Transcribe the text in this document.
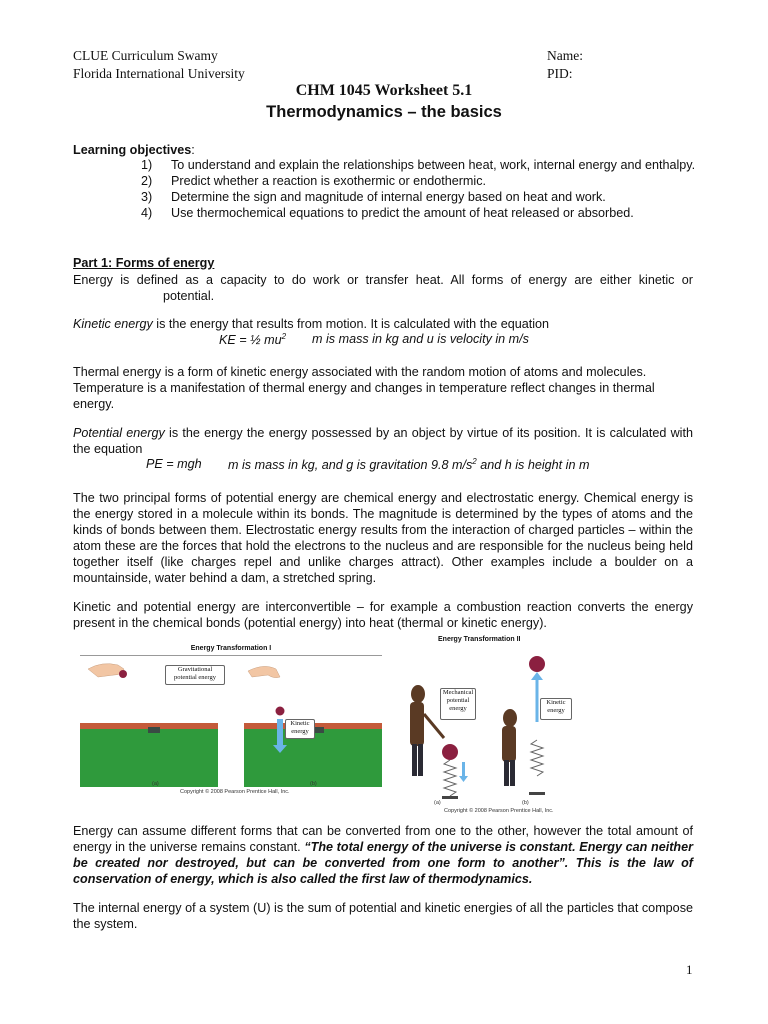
CLUE Curriculum Swamy
Florida International University
Name:
PID:
CHM 1045 Worksheet 5.1
Thermodynamics – the basics
Learning objectives:
1) To understand and explain the relationships between heat, work, internal energy and enthalpy.
2) Predict whether a reaction is exothermic or endothermic.
3) Determine the sign and magnitude of internal energy based on heat and work.
4) Use thermochemical equations to predict the amount of heat released or absorbed.
Part 1: Forms of energy
Energy is defined as a capacity to do work or transfer heat. All forms of energy are either kinetic or
potential.
Kinetic energy is the energy that results from motion. It is calculated with the equation
KE = ½ $mu^2$ m is mass in kg and u is velocity in m/s
Thermal energy is a form of kinetic energy associated with the random motion of atoms and molecules. Temperature is a manifestation of thermal energy and changes in temperature reflect changes in thermal energy.
Potential energy is the energy the energy possessed by an object by virtue of its position. It is calculated with the equation
PE = mgh m is mass in kg, and g is gravitation 9.8 $m/s^2$ and h is height in m
The two principal forms of potential energy are chemical energy and electrostatic energy. Chemical energy is the energy stored in a molecule within its bonds. The magnitude is determined by the types of atoms and the kinds of bonds between them. Electrostatic energy results from the interaction of charged particles – within the atom these are the forces that hold the electrons to the nucleus and are responsible for the nucleus being held together itself (like charges repel and unlike charges attract). Other examples include a boulder on a mountainside, water behind a dam, a stretched spring.
Kinetic and potential energy are interconvertible – for example a combustion reaction converts the energy present in the chemical bonds (potential energy) into heat (thermal or kinetic energy).
Energy Transformation I
Gravitational potential energy
Kinetic energy
(a)	(b)
Copyright © 2008 Pearson Prentice Hall, Inc.
Energy Transformation II
Mechanical potential energy
Kinetic energy
(a)	(b)
Copyright © 2008 Pearson Prentice Hall, Inc.
Energy can assume different forms that can be converted from one to the other, however the total amount of energy in the universe remains constant. “The total energy of the universe is constant. Energy can neither be created nor destroyed, but can be converted from one form to another”. This is the law of conservation of energy, which is also called the first law of thermodynamics.
The internal energy of a system (U) is the sum of potential and kinetic energies of all the particles that compose the system.
1
